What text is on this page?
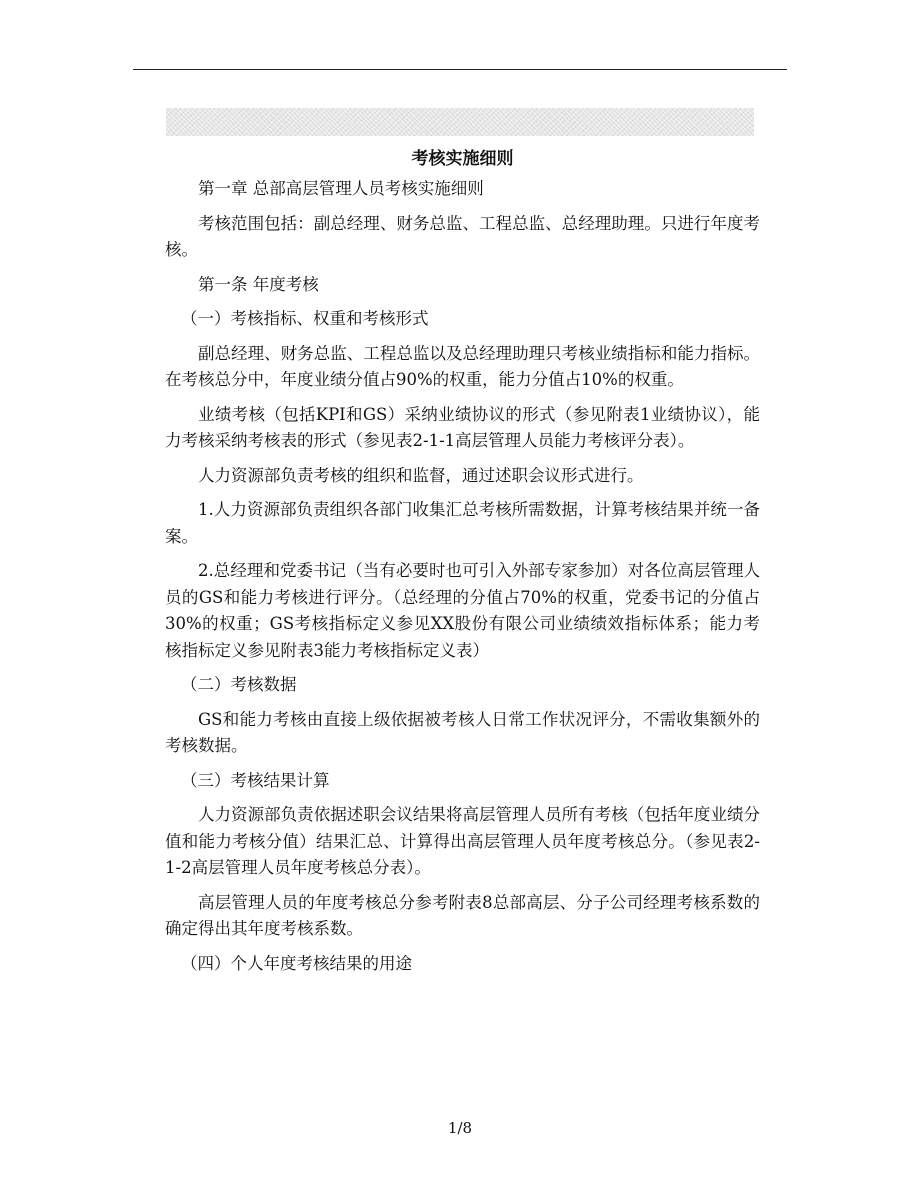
考核实施细则

第一章 总部高层管理人员考核实施细则

考核范围包括：副总经理、财务总监、工程总监、总经理助理。只进行年度考核。

第一条 年度考核

（一）考核指标、权重和考核形式

副总经理、财务总监、工程总监以及总经理助理只考核业绩指标和能力指标。在考核总分中，年度业绩分值占90%的权重，能力分值占10%的权重。

业绩考核（包括KPI和GS）采纳业绩协议的形式（参见附表1业绩协议），能力考核采纳考核表的形式（参见表2-1-1高层管理人员能力考核评分表）。

人力资源部负责考核的组织和监督，通过述职会议形式进行。

1.人力资源部负责组织各部门收集汇总考核所需数据，计算考核结果并统一备案。

2.总经理和党委书记（当有必要时也可引入外部专家参加）对各位高层管理人员的GS和能力考核进行评分。（总经理的分值占70%的权重，党委书记的分值占30%的权重；GS考核指标定义参见XX股份有限公司业绩绩效指标体系；能力考核指标定义参见附表3能力考核指标定义表）

（二）考核数据

GS和能力考核由直接上级依据被考核人日常工作状况评分，不需收集额外的考核数据。

（三）考核结果计算

人力资源部负责依据述职会议结果将高层管理人员所有考核（包括年度业绩分值和能力考核分值）结果汇总、计算得出高层管理人员年度考核总分。（参见表2-1-2高层管理人员年度考核总分表）。

高层管理人员的年度考核总分参考附表8总部高层、分子公司经理考核系数的确定得出其年度考核系数。

（四）个人年度考核结果的用途

1/8
